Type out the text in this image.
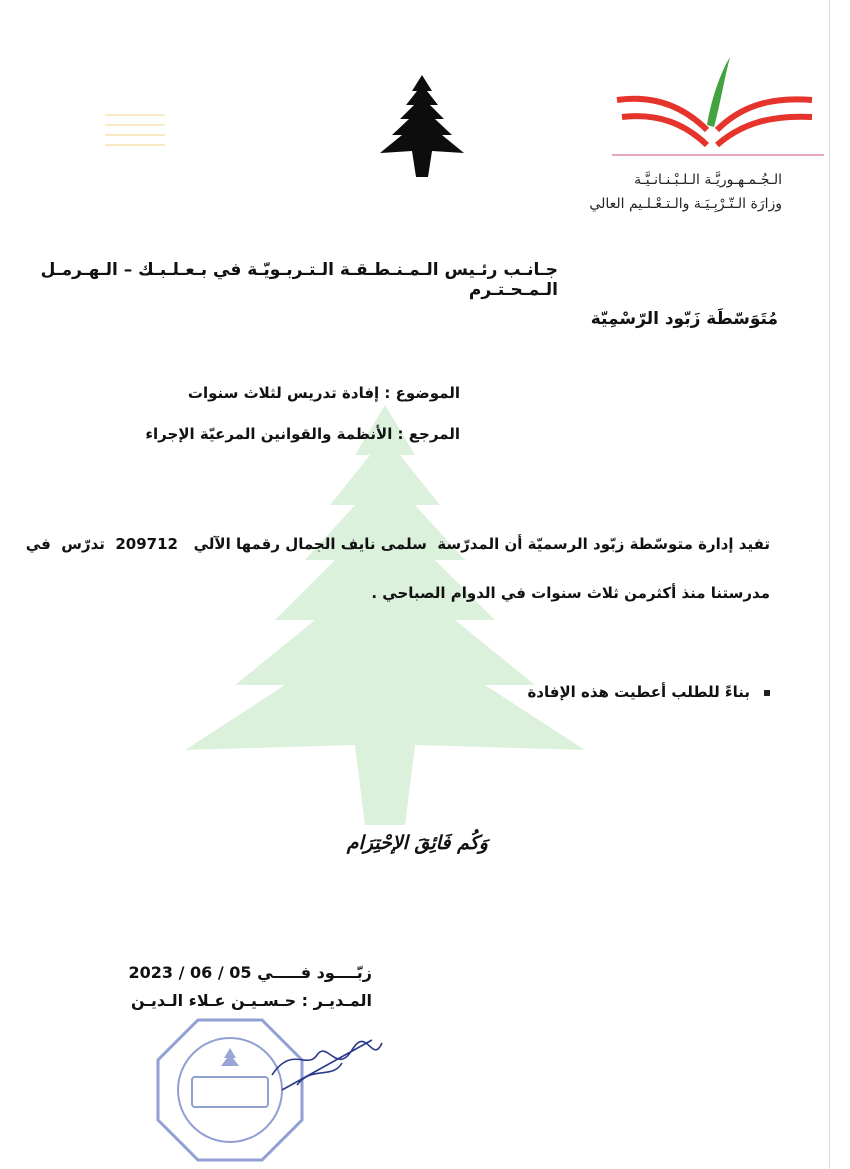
الـجُـمـهـوريَّـة الـلـبْـنـانـيَّـة
وزارَة الـتّـرْبِـيَـة والـتـعْـلـيم العالي
جـانـب رئـيس الـمـنـطـقـة الـتـربـويّـة في بـعـلـبـك – الـهـرمـل الـمـحـتـرم
مُتَوَسّطَة زَبّود الرّسْمِيّة
الموضوع : إفادة تدريس لثلاث سنوات
المرجع : الأنظمة والقوانين المرعيّة الإجراء
تفيد إدارة متوسّطة زبّود الرسميّة أن المدرّسة  سلمى نايف الجمال رقمها الآلي   209712  تدرّس  في
مدرستنا منذ أكثرمن ثلاث سنوات في الدوام الصباحي .
بناءً للطلب أعطيت هذه الإفادة
وَكُم فَائِقَ الإحْتِرَام
زبّــــود فـــــي 05 / 06 / 2023
المـديـر : حـسـيـن عـلاء الـديـن
